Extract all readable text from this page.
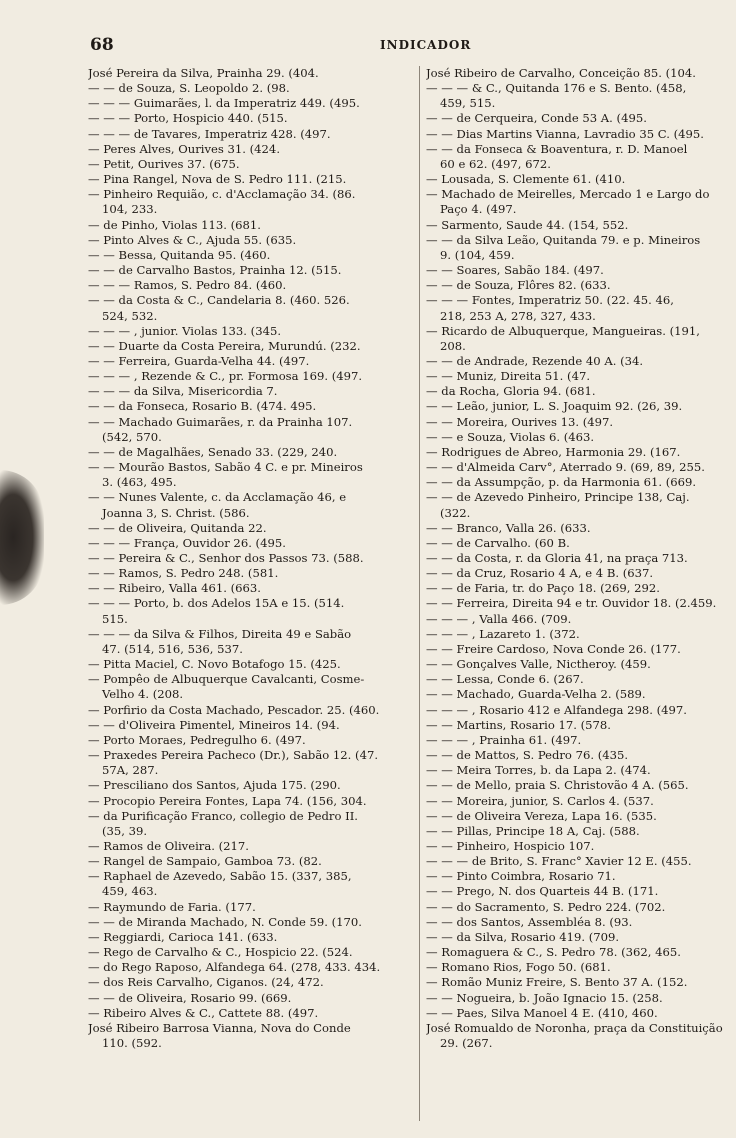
68	INDICADOR
José Pereira da Silva, Prainha 29. (404.
— — de Souza, S. Leopoldo 2. (98.
— — — Guimarães, l. da Imperatriz 449. (495.
— — — Porto, Hospicio 440. (515.
— — — de Tavares, Imperatriz 428. (497.
— Peres Alves, Ourives 31. (424.
— Petit, Ourives 37. (675.
— Pina Rangel, Nova de S. Pedro 111. (215.
— Pinheiro Requião, c. d'Acclamação 34. (86.
104, 233.
— de Pinho, Violas 113. (681.
— Pinto Alves & C., Ajuda 55. (635.
— — Bessa, Quitanda 95. (460.
— — de Carvalho Bastos, Prainha 12. (515.
— — — Ramos, S. Pedro 84. (460.
— — da Costa & C., Candelaria 8. (460. 526.
524, 532.
— — — , junior. Violas 133. (345.
— — Duarte da Costa Pereira, Murundú. (232.
— — Ferreira, Guarda-Velha 44. (497.
— — — , Rezende & C., pr. Formosa 169. (497.
— — — da Silva, Misericordia 7.
— — da Fonseca, Rosario B. (474. 495.
— — Machado Guimarães, r. da Prainha 107.
(542, 570.
— — de Magalhães, Senado 33. (229, 240.
— — Mourão Bastos, Sabão 4 C. e pr. Mineiros
3. (463, 495.
— — Nunes Valente, c. da Acclamação 46, e
Joanna 3, S. Christ. (586.
— — de Oliveira, Quitanda 22.
— — — França, Ouvidor 26. (495.
— — Pereira & C., Senhor dos Passos 73. (588.
— — Ramos, S. Pedro 248. (581.
— — Ribeiro, Valla 461. (663.
— — — Porto, b. dos Adelos 15A e 15. (514.
515.
— — — da Silva & Filhos, Direita 49 e Sabão
47. (514, 516, 536, 537.
— Pitta Maciel, C. Novo Botafogo 15. (425.
— Pompêo de Albuquerque Cavalcanti, Cosme-
Velho 4. (208.
— Porfirio da Costa Machado, Pescador. 25. (460.
— — d'Oliveira Pimentel, Mineiros 14. (94.
— Porto Moraes, Pedregulho 6. (497.
— Praxedes Pereira Pacheco (Dr.), Sabão 12. (47.
57A, 287.
— Presciliano dos Santos, Ajuda 175. (290.
— Procopio Pereira Fontes, Lapa 74. (156, 304.
— da Purificação Franco, collegio de Pedro II.
(35, 39.
— Ramos de Oliveira. (217.
— Rangel de Sampaio, Gamboa 73. (82.
— Raphael de Azevedo, Sabão 15. (337, 385,
459, 463.
— Raymundo de Faria. (177.
— — de Miranda Machado, N. Conde 59. (170.
— Reggiardi, Carioca 141. (633.
— Rego de Carvalho & C., Hospicio 22. (524.
— do Rego Raposo, Alfandega 64. (278, 433. 434.
— dos Reis Carvalho, Ciganos. (24, 472.
— — de Oliveira, Rosario 99. (669.
— Ribeiro Alves & C., Cattete 88. (497.
José Ribeiro Barrosa Vianna, Nova do Conde
110. (592.
José Ribeiro de Carvalho, Conceição 85. (104.
— — — & C., Quitanda 176 e S. Bento. (458,
459, 515.
— — de Cerqueira, Conde 53 A. (495.
— — Dias Martins Vianna, Lavradio 35 C. (495.
— — da Fonseca & Boaventura, r. D. Manoel
60 e 62. (497, 672.
— Lousada, S. Clemente 61. (410.
— Machado de Meirelles, Mercado 1 e Largo do
Paço 4. (497.
— Sarmento, Saude 44. (154, 552.
— — da Silva Leão, Quitanda 79. e p. Mineiros
9. (104, 459.
— — Soares, Sabão 184. (497.
— — de Souza, Flôres 82. (633.
— — — Fontes, Imperatriz 50. (22. 45. 46,
218, 253 A, 278, 327, 433.
— Ricardo de Albuquerque, Mangueiras. (191,
208.
— — de Andrade, Rezende 40 A. (34.
— — Muniz, Direita 51. (47.
— da Rocha, Gloria 94. (681.
— — Leão, junior, L. S. Joaquim 92. (26, 39.
— — Moreira, Ourives 13. (497.
— — e Souza, Violas 6. (463.
— Rodrigues de Abreo, Harmonia 29. (167.
— — d'Almeida Carv°, Aterrado 9. (69, 89, 255.
— — da Assumpção, p. da Harmonia 61. (669.
— — de Azevedo Pinheiro, Principe 138, Caj.
(322.
— — Branco, Valla 26. (633.
— — de Carvalho. (60 B.
— — da Costa, r. da Gloria 41, na praça 713.
— — da Cruz, Rosario 4 A, e 4 B. (637.
— — de Faria, tr. do Paço 18. (269, 292.
— — Ferreira, Direita 94 e tr. Ouvidor 18. (2.459.
— — — , Valla 466. (709.
— — — , Lazareto 1. (372.
— — Freire Cardoso, Nova Conde 26. (177.
— — Gonçalves Valle, Nictheroy. (459.
— — Lessa, Conde 6. (267.
— — Machado, Guarda-Velha 2. (589.
— — — , Rosario 412 e Alfandega 298. (497.
— — Martins, Rosario 17. (578.
— — — , Prainha 61. (497.
— — de Mattos, S. Pedro 76. (435.
— — Meira Torres, b. da Lapa 2. (474.
— — de Mello, praia S. Christovão 4 A. (565.
— — Moreira, junior, S. Carlos 4. (537.
— — de Oliveira Vereza, Lapa 16. (535.
— — Pillas, Principe 18 A, Caj. (588.
— — Pinheiro, Hospicio 107.
— — — de Brito, S. Franc° Xavier 12 E. (455.
— — Pinto Coimbra, Rosario 71.
— — Prego, N. dos Quarteis 44 B. (171.
— — do Sacramento, S. Pedro 224. (702.
— — dos Santos, Assembléa 8. (93.
— — da Silva, Rosario 419. (709.
— Romaguera & C., S. Pedro 78. (362, 465.
— Romano Rios, Fogo 50. (681.
— Romão Muniz Freire, S. Bento 37 A. (152.
— — Nogueira, b. João Ignacio 15. (258.
— — Paes, Silva Manoel 4 E. (410, 460.
José Romualdo de Noronha, praça da Constituição
29. (267.
